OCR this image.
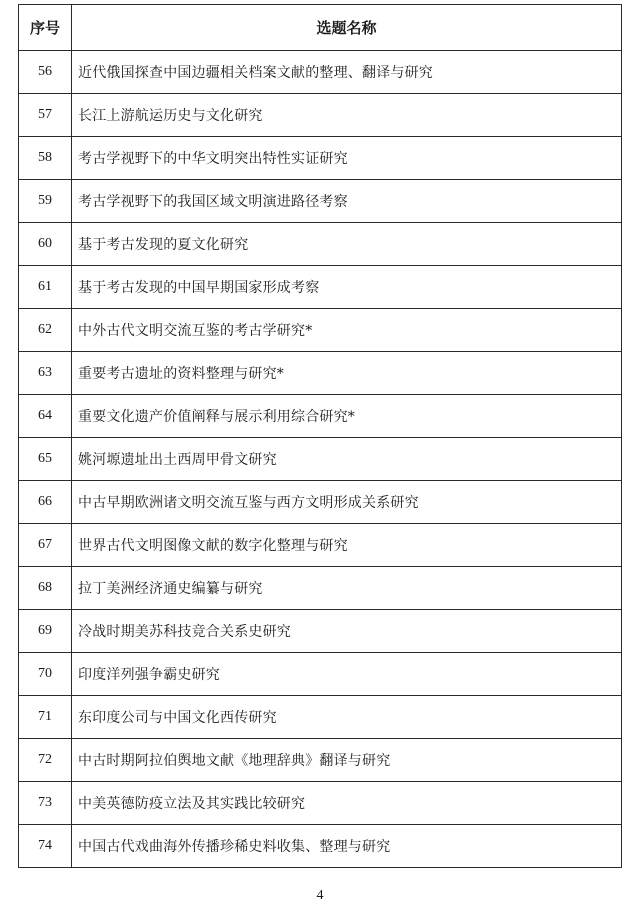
序号	选题名称
56	近代俄国探查中国边疆相关档案文献的整理、翻译与研究
57	长江上游航运历史与文化研究
58	考古学视野下的中华文明突出特性实证研究
59	考古学视野下的我国区域文明演进路径考察
60	基于考古发现的夏文化研究
61	基于考古发现的中国早期国家形成考察
62	中外古代文明交流互鉴的考古学研究*
63	重要考古遗址的资料整理与研究*
64	重要文化遗产价值阐释与展示利用综合研究*
65	姚河塬遗址出土西周甲骨文研究
66	中古早期欧洲诸文明交流互鉴与西方文明形成关系研究
67	世界古代文明图像文献的数字化整理与研究
68	拉丁美洲经济通史编纂与研究
69	冷战时期美苏科技竞合关系史研究
70	印度洋列强争霸史研究
71	东印度公司与中国文化西传研究
72	中古时期阿拉伯舆地文献《地理辞典》翻译与研究
73	中美英德防疫立法及其实践比较研究
74	中国古代戏曲海外传播珍稀史料收集、整理与研究
4
